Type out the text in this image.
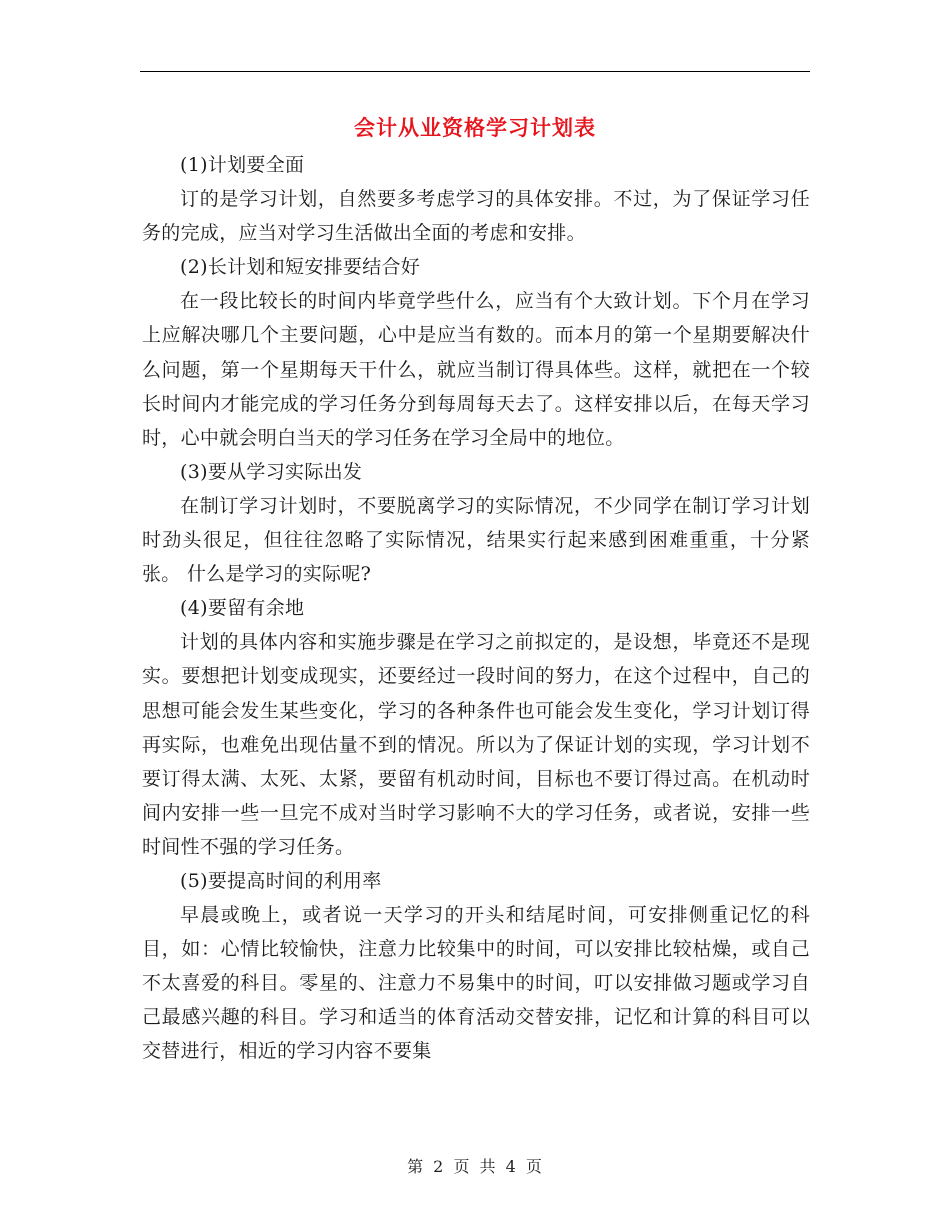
会计从业资格学习计划表

(1)计划要全面

订的是学习计划，自然要多考虑学习的具体安排。不过，为了保证学习任务的完成，应当对学习生活做出全面的考虑和安排。

(2)长计划和短安排要结合好

在一段比较长的时间内毕竟学些什么，应当有个大致计划。下个月在学习上应解决哪几个主要问题，心中是应当有数的。而本月的第一个星期要解决什么问题，第一个星期每天干什么，就应当制订得具体些。这样，就把在一个较长时间内才能完成的学习任务分到每周每天去了。这样安排以后，在每天学习时，心中就会明白当天的学习任务在学习全局中的地位。

(3)要从学习实际出发

在制订学习计划时，不要脱离学习的实际情况，不少同学在制订学习计划时劲头很足，但往往忽略了实际情况，结果实行起来感到困难重重，十分紧张。 什么是学习的实际呢?

(4)要留有余地

计划的具体内容和实施步骤是在学习之前拟定的，是设想，毕竟还不是现实。要想把计划变成现实，还要经过一段时间的努力，在这个过程中，自己的思想可能会发生某些变化，学习的各种条件也可能会发生变化，学习计划订得再实际，也难免出现估量不到的情况。所以为了保证计划的实现，学习计划不要订得太满、太死、太紧，要留有机动时间，目标也不要订得过高。在机动时间内安排一些一旦完不成对当时学习影响不大的学习任务，或者说，安排一些时间性不强的学习任务。

(5)要提高时间的利用率

早晨或晚上，或者说一天学习的开头和结尾时间，可安排侧重记忆的科目，如：心情比较愉快，注意力比较集中的时间，可以安排比较枯燥，或自己不太喜爱的科目。零星的、注意力不易集中的时间，叮以安排做习题或学习自己最感兴趣的科目。学习和适当的体育活动交替安排，记忆和计算的科目可以交替进行，相近的学习内容不要集

第 2 页 共 4 页
